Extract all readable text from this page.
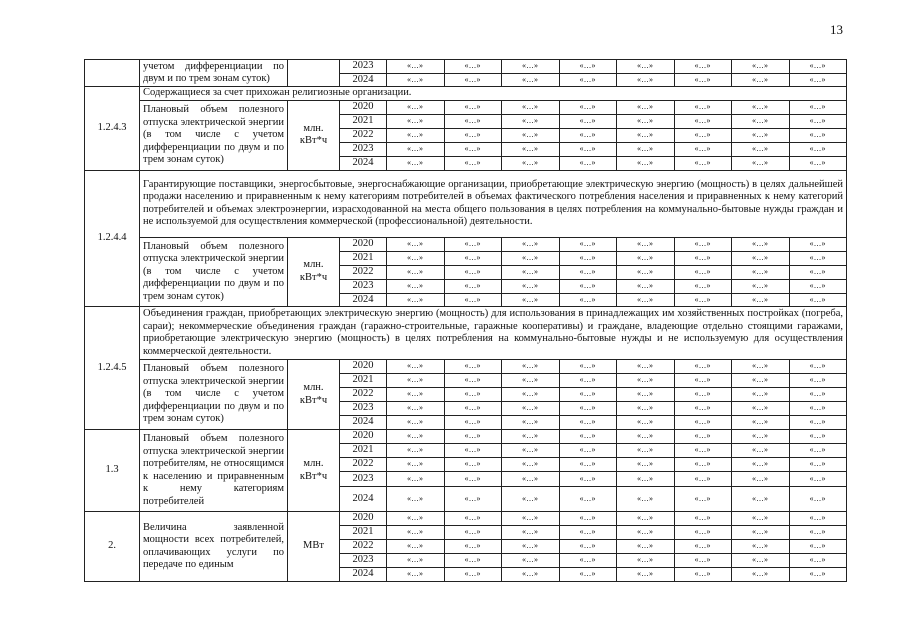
13
	учетом дифференциации по двум и по трем зонам суток)		2023	«...»	«...»	«...»	«...»	«...»	«...»	«...»	«...»
			2024	«...»	«...»	«...»	«...»	«...»	«...»	«...»	«...»
1.2.4.3	Содержащиеся за счет прихожан религиозные организации.										
	Плановый объем полезного отпуска электрической энергии (в том числе с учетом дифференциации по двум и по трем зонам суток)	млн. кВт*ч	2020	«...»	«...»	«...»	«...»	«...»	«...»	«...»	«...»
			2021	«...»	«...»	«...»	«...»	«...»	«...»	«...»	«...»
			2022	«...»	«...»	«...»	«...»	«...»	«...»	«...»	«...»
			2023	«...»	«...»	«...»	«...»	«...»	«...»	«...»	«...»
			2024	«...»	«...»	«...»	«...»	«...»	«...»	«...»	«...»
1.2.4.4	Гарантирующие поставщики, энергосбытовые, энергоснабжающие организации, приобретающие электрическую энергию (мощность) в целях дальнейшей продажи населению и приравненным к нему категориям потребителей в объемах фактического потребления населения и приравненных к нему категорий потребителей и объемах электроэнергии, израсходованной на места общего пользования в целях потребления на коммунально-бытовые нужды граждан и не используемой для осуществления коммерческой (профессиональной) деятельности.										
	Плановый объем полезного отпуска электрической энергии (в том числе с учетом дифференциации по двум и по трем зонам суток)	млн. кВт*ч	2020	«...»	«...»	«...»	«...»	«...»	«...»	«...»	«...»
			2021	«...»	«...»	«...»	«...»	«...»	«...»	«...»	«...»
			2022	«...»	«...»	«...»	«...»	«...»	«...»	«...»	«...»
			2023	«...»	«...»	«...»	«...»	«...»	«...»	«...»	«...»
			2024	«...»	«...»	«...»	«...»	«...»	«...»	«...»	«...»
1.2.4.5	Объединения граждан, приобретающих электрическую энергию (мощность) для использования в принадлежащих им хозяйственных постройках (погреба, сараи); некоммерческие объединения граждан (гаражно-строительные, гаражные кооперативы) и граждане, владеющие отдельно стоящими гаражами, приобретающие электрическую энергию (мощность) в целях потребления на коммунально-бытовые нужды и не используемую для осуществления коммерческой деятельности.										
	Плановый объем полезного отпуска электрической энергии (в том числе с учетом дифференциации по двум и по трем зонам суток)	млн. кВт*ч	2020	«...»	«...»	«...»	«...»	«...»	«...»	«...»	«...»
			2021	«...»	«...»	«...»	«...»	«...»	«...»	«...»	«...»
			2022	«...»	«...»	«...»	«...»	«...»	«...»	«...»	«...»
			2023	«...»	«...»	«...»	«...»	«...»	«...»	«...»	«...»
			2024	«...»	«...»	«...»	«...»	«...»	«...»	«...»	«...»
1.3	Плановый объем полезного отпуска электрической энергии потребителям, не относящимся к населению и приравненным к нему категориям потребителей	млн. кВт*ч	2020	«...»	«...»	«...»	«...»	«...»	«...»	«...»	«...»
			2021	«...»	«...»	«...»	«...»	«...»	«...»	«...»	«...»
			2022	«...»	«...»	«...»	«...»	«...»	«...»	«...»	«...»
			2023	«...»	«...»	«...»	«...»	«...»	«...»	«...»	«...»
			2024	«...»	«...»	«...»	«...»	«...»	«...»	«...»	«...»
2.	Величина заявленной мощности всех потребителей, оплачивающих услуги по передаче по единым	МВт	2020	«...»	«...»	«...»	«...»	«...»	«...»	«...»	«...»
			2021	«...»	«...»	«...»	«...»	«...»	«...»	«...»	«...»
			2022	«...»	«...»	«...»	«...»	«...»	«...»	«...»	«...»
			2023	«...»	«...»	«...»	«...»	«...»	«...»	«...»	«...»
			2024	«...»	«...»	«...»	«...»	«...»	«...»	«...»	«...»
